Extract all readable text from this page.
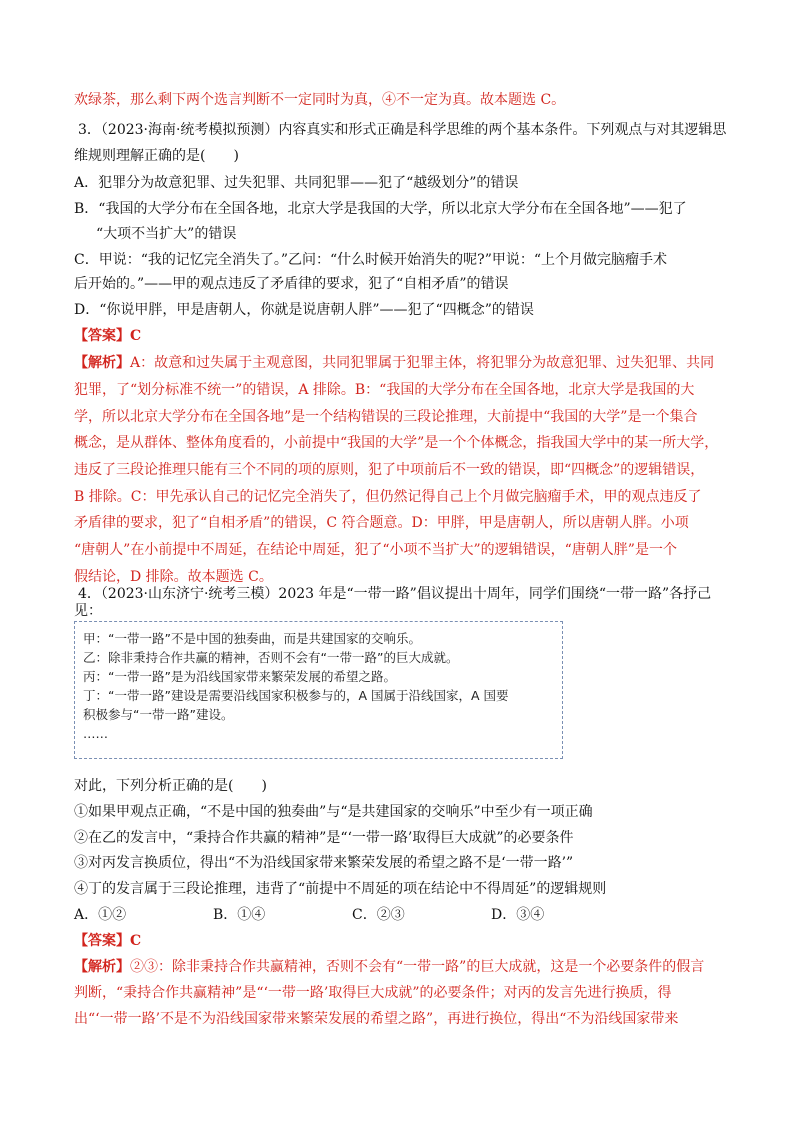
欢绿茶，那么剩下两个选言判断不一定同时为真，④不一定为真。故本题选 C。
3．（2023·海南·统考模拟预测）内容真实和形式正确是科学思维的两个基本条件。下列观点与对其逻辑思
维规则理解正确的是(　　)
A．犯罪分为故意犯罪、过失犯罪、共同犯罪——犯了“越级划分”的错误
B．“我国的大学分布在全国各地，北京大学是我国的大学，所以北京大学分布在全国各地”——犯了
“大项不当扩大”的错误
C．甲说：“我的记忆完全消失了。”乙问：“什么时候开始消失的呢?”甲说：“上个月做完脑瘤手术
后开始的。”——甲的观点违反了矛盾律的要求，犯了“自相矛盾”的错误
D．“你说甲胖，甲是唐朝人，你就是说唐朝人胖”——犯了“四概念”的错误
【答案】C
【解析】A：故意和过失属于主观意图，共同犯罪属于犯罪主体，将犯罪分为故意犯罪、过失犯罪、共同
犯罪，了“划分标准不统一”的错误，A 排除。B：“我国的大学分布在全国各地，北京大学是我国的大
学，所以北京大学分布在全国各地”是一个结构错误的三段论推理，大前提中“我国的大学”是一个集合
概念，是从群体、整体角度看的，小前提中“我国的大学”是一个个体概念，指我国大学中的某一所大学，
违反了三段论推理只能有三个不同的项的原则，犯了中项前后不一致的错误，即“四概念”的逻辑错误，
B 排除。C：甲先承认自己的记忆完全消失了，但仍然记得自己上个月做完脑瘤手术，甲的观点违反了
矛盾律的要求，犯了“自相矛盾”的错误，C 符合题意。D：甲胖，甲是唐朝人，所以唐朝人胖。小项
“唐朝人”在小前提中不周延，在结论中周延，犯了“小项不当扩大”的逻辑错误，“唐朝人胖”是一个
假结论，D 排除。故本题选 C。
4．（2023·山东济宁·统考三模）2023 年是“一带一路”倡议提出十周年，同学们围绕“一带一路”各抒己
见：
甲：“一带一路”不是中国的独奏曲，而是共建国家的交响乐。
乙：除非秉持合作共赢的精神，否则不会有“一带一路”的巨大成就。
丙：“一带一路”是为沿线国家带来繁荣发展的希望之路。
丁：“一带一路”建设是需要沿线国家积极参与的，A 国属于沿线国家，A 国要
积极参与“一带一路”建设。
……
对此，下列分析正确的是(　　)
①如果甲观点正确，“不是中国的独奏曲”与“是共建国家的交响乐”中至少有一项正确
②在乙的发言中，“秉持合作共赢的精神”是“‘一带一路’取得巨大成就”的必要条件
③对丙发言换质位，得出“不为沿线国家带来繁荣发展的希望之路不是‘一带一路’”
④丁的发言属于三段论推理，违背了“前提中不周延的项在结论中不得周延”的逻辑规则
A．①②	B．①④	C．②③	D．③④
【答案】C
【解析】②③：除非秉持合作共赢精神，否则不会有“一带一路”的巨大成就，这是一个必要条件的假言
判断，“秉持合作共赢精神”是“‘一带一路’取得巨大成就”的必要条件；对丙的发言先进行换质，得
出“‘一带一路’不是不为沿线国家带来繁荣发展的希望之路”，再进行换位，得出“不为沿线国家带来
